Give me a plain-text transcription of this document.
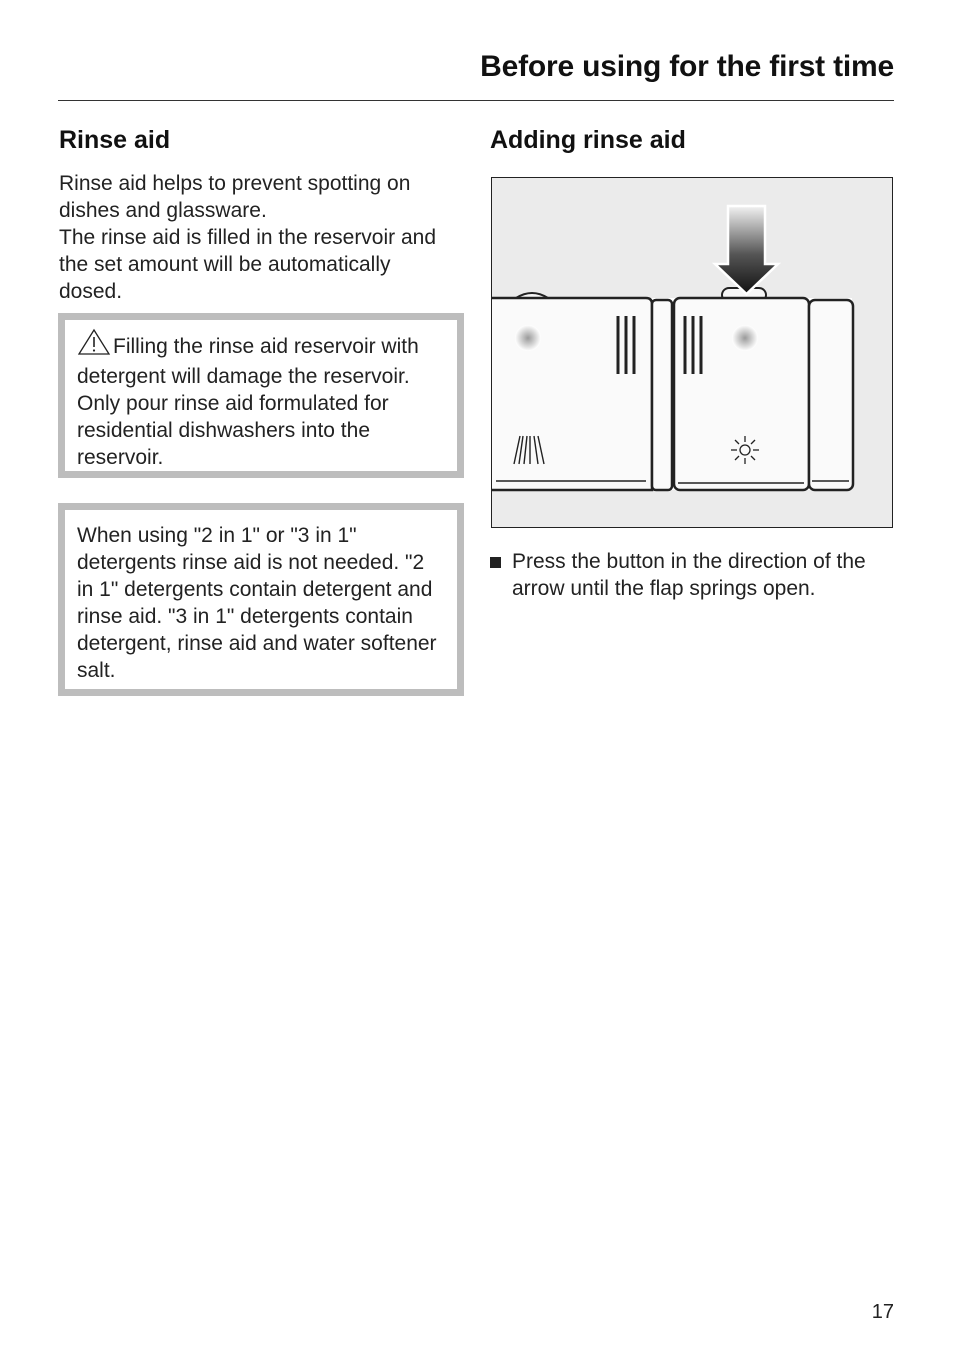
Before using for the first time
Rinse aid

Rinse aid helps to prevent spotting on dishes and glassware.

The rinse aid is filled in the reservoir and the set amount will be automatically dosed.

Filling the rinse aid reservoir with detergent will damage the reservoir. Only pour rinse aid formulated for residential dishwashers into the reservoir.

When using "2 in 1" or "3 in 1" detergents rinse aid is not needed. "2 in 1" detergents contain detergent and rinse aid. "3 in 1" detergents contain detergent, rinse aid and water softener salt.

Adding rinse aid

Press the button in the direction of the arrow until the flap springs open.

17
